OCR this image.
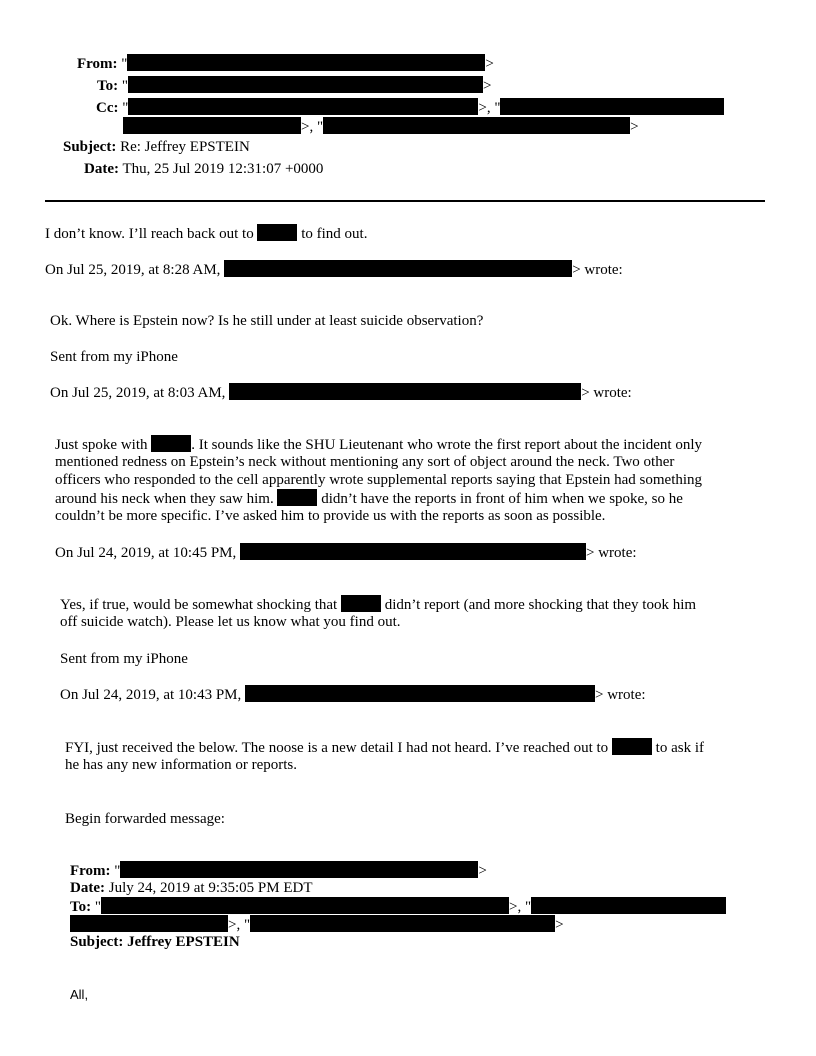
From: "	>
To: "	>
Cc: "	>, "
>, "	>
Subject: Re: Jeffrey EPSTEIN
Date: Thu, 25 Jul 2019 12:31:07 +0000
I don’t know. I’ll reach back out to	to find out.
On Jul 25, 2019, at 8:28 AM,	> wrote:
Ok. Where is Epstein now? Is he still under at least suicide observation?
Sent from my iPhone
On Jul 25, 2019, at 8:03 AM,	> wrote:
Just spoke with	. It sounds like the SHU Lieutenant who wrote the first report about the incident only
mentioned redness on Epstein’s neck without mentioning any sort of object around the neck. Two other
officers who responded to the cell apparently wrote supplemental reports saying that Epstein had something
around his neck when they saw him.	didn’t have the reports in front of him when we spoke, so he
couldn’t be more specific. I’ve asked him to provide us with the reports as soon as possible.
On Jul 24, 2019, at 10:45 PM,	> wrote:
Yes, if true, would be somewhat shocking that	didn’t report (and more shocking that they took him
off suicide watch). Please let us know what you find out.
Sent from my iPhone
On Jul 24, 2019, at 10:43 PM,	> wrote:
FYI, just received the below. The noose is a new detail I had not heard. I’ve reached out to	to ask if
he has any new information or reports.
Begin forwarded message:
From: "	>
Date: July 24, 2019 at 9:35:05 PM EDT
To: "	>, "
>, "	>
Subject: Jeffrey EPSTEIN
All,
